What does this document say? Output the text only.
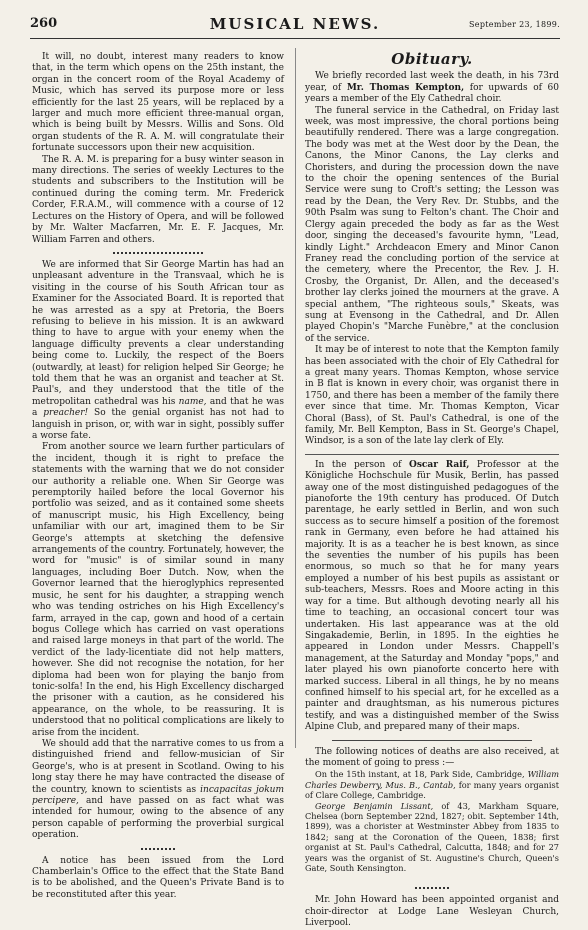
260	MUSICAL NEWS.	September 23, 1899.

It will, no doubt, interest many readers to know that, in the term which opens on the 25th instant, the organ in the concert room of the Royal Academy of Music, which has served its purpose more or less efficiently for the last 25 years, will be replaced by a larger and much more efficient three-manual organ, which is being built by Messrs. Willis and Sons. Old organ students of the R. A. M. will congratulate their fortunate successors upon their new acquisition.

The R. A. M. is preparing for a busy winter season in many directions. The series of weekly Lectures to the students and subscribers to the Institution will be continued during the coming term. Mr. Frederick Corder, F.R.A.M., will commence with a course of 12 Lectures on the History of Opera, and will be followed by Mr. Walter Macfarren, Mr. E. F. Jacques, Mr. William Farren and others.

We are informed that Sir George Martin has had an unpleasant adventure in the Transvaal, which he is visiting in the course of his South African tour as Examiner for the Associated Board. It is reported that he was arrested as a spy at Pretoria, the Boers refusing to believe in his mission. It is an awkward thing to have to argue with your enemy when the language difficulty prevents a clear understanding being come to. Luckily, the respect of the Boers (outwardly, at least) for religion helped Sir George; he told them that he was an organist and teacher at St. Paul's, and they understood that the title of the metropolitan cathedral was his name, and that he was a preacher! So the genial organist has not had to languish in prison, or, with war in sight, possibly suffer a worse fate.

From another source we learn further particulars of the incident, though it is right to preface the statements with the warning that we do not consider our authority a reliable one. When Sir George was peremptorily hailed before the local Governor his portfolio was seized, and as it contained some sheets of manuscript music, his High Excellency, being unfamiliar with our art, imagined them to be Sir George's attempts at sketching the defensive arrangements of the country. Fortunately, however, the word for "music" is of similar sound in many languages, including Boer Dutch. Now, when the Governor learned that the hieroglyphics represented music, he sent for his daughter, a strapping wench who was tending ostriches on his High Excellency's farm, arrayed in the cap, gown and hood of a certain bogus College which has carried on vast operations and raised large moneys in that part of the world. The verdict of the lady-licentiate did not help matters, however. She did not recognise the notation, for her diploma had been won for playing the banjo from tonic-solfa! In the end, his High Excellency discharged the prisoner with a caution, as he considered his appearance, on the whole, to be reassuring. It is understood that no political complications are likely to arise from the incident.

We should add that the narrative comes to us from a distinguished friend and fellow-musician of Sir George's, who is at present in Scotland. Owing to his long stay there he may have contracted the disease of the country, known to scientists as incapacitas jokum percipere, and have passed on as fact what was intended for humour, owing to the absence of any person capable of performing the proverbial surgical operation.

A notice has been issued from the Lord Chamberlain's Office to the effect that the State Band is to be abolished, and the Queen's Private Band is to be reconstituted after this year.

Obituary.

We briefly recorded last week the death, in his 73rd year, of Mr. Thomas Kempton, for upwards of 60 years a member of the Ely Cathedral choir.

The funeral service in the Cathedral, on Friday last week, was most impressive, the choral portions being beautifully rendered. There was a large congregation. The body was met at the West door by the Dean, the Canons, the Minor Canons, the Lay clerks and Choristers, and during the procession down the nave to the choir the opening sentences of the Burial Service were sung to Croft's setting; the Lesson was read by the Dean, the Very Rev. Dr. Stubbs, and the 90th Psalm was sung to Felton's chant. The Choir and Clergy again preceded the body as far as the West door, singing the deceased's favourite hymn, "Lead, kindly Light." Archdeacon Emery and Minor Canon Franey read the concluding portion of the service at the cemetery, where the Precentor, the Rev. J. H. Crosby, the Organist, Dr. Allen, and the deceased's brother lay clerks joined the mourners at the grave. A special anthem, "The righteous souls," Skeats, was sung at Evensong in the Cathedral, and Dr. Allen played Chopin's "Marche Funèbre," at the conclusion of the service.

It may be of interest to note that the Kempton family has been associated with the choir of Ely Cathedral for a great many years. Thomas Kempton, whose service in B flat is known in every choir, was organist there in 1750, and there has been a member of the family there ever since that time. Mr. Thomas Kempton, Vicar Choral (Bass), of St. Paul's Cathedral, is one of the family, Mr. Bell Kempton, Bass in St. George's Chapel, Windsor, is a son of the late lay clerk of Ely.

In the person of Oscar Raif, Professor at the Königliche Hochschule für Musik, Berlin, has passed away one of the most distinguished pedagogues of the pianoforte the 19th century has produced. Of Dutch parentage, he early settled in Berlin, and won such success as to secure himself a position of the foremost rank in Germany, even before he had attained his majority. It is as a teacher he is best known, as since the seventies the number of his pupils has been enormous, so much so that he for many years employed a number of his best pupils as assistant or sub-teachers, Messrs. Roes and Moore acting in this way for a time. But although devoting nearly all his time to teaching, an occasional concert tour was undertaken. His last appearance was at the old Singakademie, Berlin, in 1895. In the eighties he appeared in London under Messrs. Chappell's management, at the Saturday and Monday "pops," and later played his own pianoforte concerto here with marked success. Liberal in all things, he by no means confined himself to his special art, for he excelled as a painter and draughtsman, as his numerous pictures testify, and was a distinguished member of the Swiss Alpine Club, and prepared many of their maps.

The following notices of deaths are also received, at the moment of going to press :—

On the 15th instant, at 18, Park Side, Cambridge, William Charles Dewberry, Mus. B., Cantab, for many years organist of Clare College, Cambridge.

George Benjamin Lissant, of 43, Markham Square, Chelsea (born September 22nd, 1827; obit. September 14th, 1899), was a chorister at Westminster Abbey from 1835 to 1842; sang at the Coronation of the Queen, 1838; first organist at St. Paul's Cathedral, Calcutta, 1848; and for 27 years was the organist of St. Augustine's Church, Queen's Gate, South Kensington.

Mr. John Howard has been appointed organist and choir-director at Lodge Lane Wesleyan Church, Liverpool.
